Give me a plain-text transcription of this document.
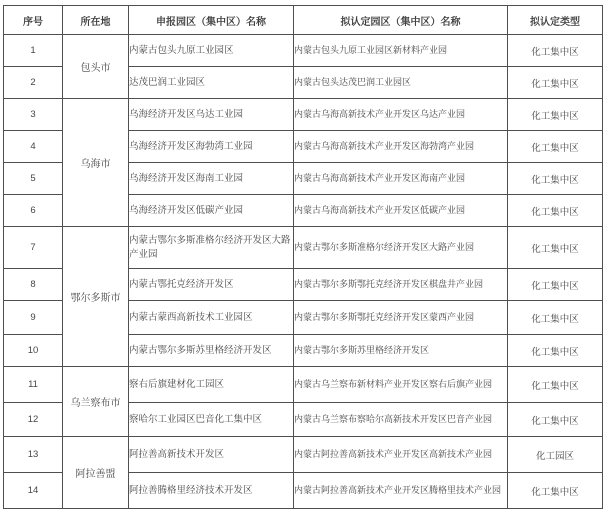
序号	所在地	申报园区（集中区）名称	拟认定园区（集中区）名称	拟认定类型
1	包头市	内蒙古包头九原工业园区	内蒙古包头九原工业园区新材料产业园	化工集中区
2		达茂巴润工业园区	内蒙古包头达茂巴润工业园区	化工集中区
3	乌海市	乌海经济开发区乌达工业园	内蒙古乌海高新技术产业开发区乌达产业园	化工集中区
4		乌海经济开发区海勃湾工业园	内蒙古乌海高新技术产业开发区海勃湾产业园	化工集中区
5		乌海经济开发区海南工业园	内蒙古乌海高新技术产业开发区海南产业园	化工集中区
6		乌海经济开发区低碳产业园	内蒙古乌海高新技术产业开发区低碳产业园	化工集中区
7	鄂尔多斯市	内蒙古鄂尔多斯准格尔经济开发区大路产业园	内蒙古鄂尔多斯准格尔经济开发区大路产业园	化工集中区
8		内蒙古鄂托克经济开发区	内蒙古鄂尔多斯鄂托克经济开发区棋盘井产业园	化工集中区
9		内蒙古蒙西高新技术工业园区	内蒙古鄂尔多斯鄂托克经济开发区蒙西产业园	化工集中区
10		内蒙古鄂尔多斯苏里格经济开发区	内蒙古鄂尔多斯苏里格经济开发区	化工集中区
11	乌兰察布市	察右后旗建材化工园区	内蒙古乌兰察布新材料产业开发区察右后旗产业园	化工集中区
12		察哈尔工业园区巴音化工集中区	内蒙古乌兰察布察哈尔高新技术开发区巴音产业园	化工集中区
13	阿拉善盟	阿拉善高新技术开发区	内蒙古阿拉善高新技术产业开发区高新技术产业园	化工园区
14		阿拉善腾格里经济技术开发区	内蒙古阿拉善高新技术产业开发区腾格里技术产业园	化工集中区
